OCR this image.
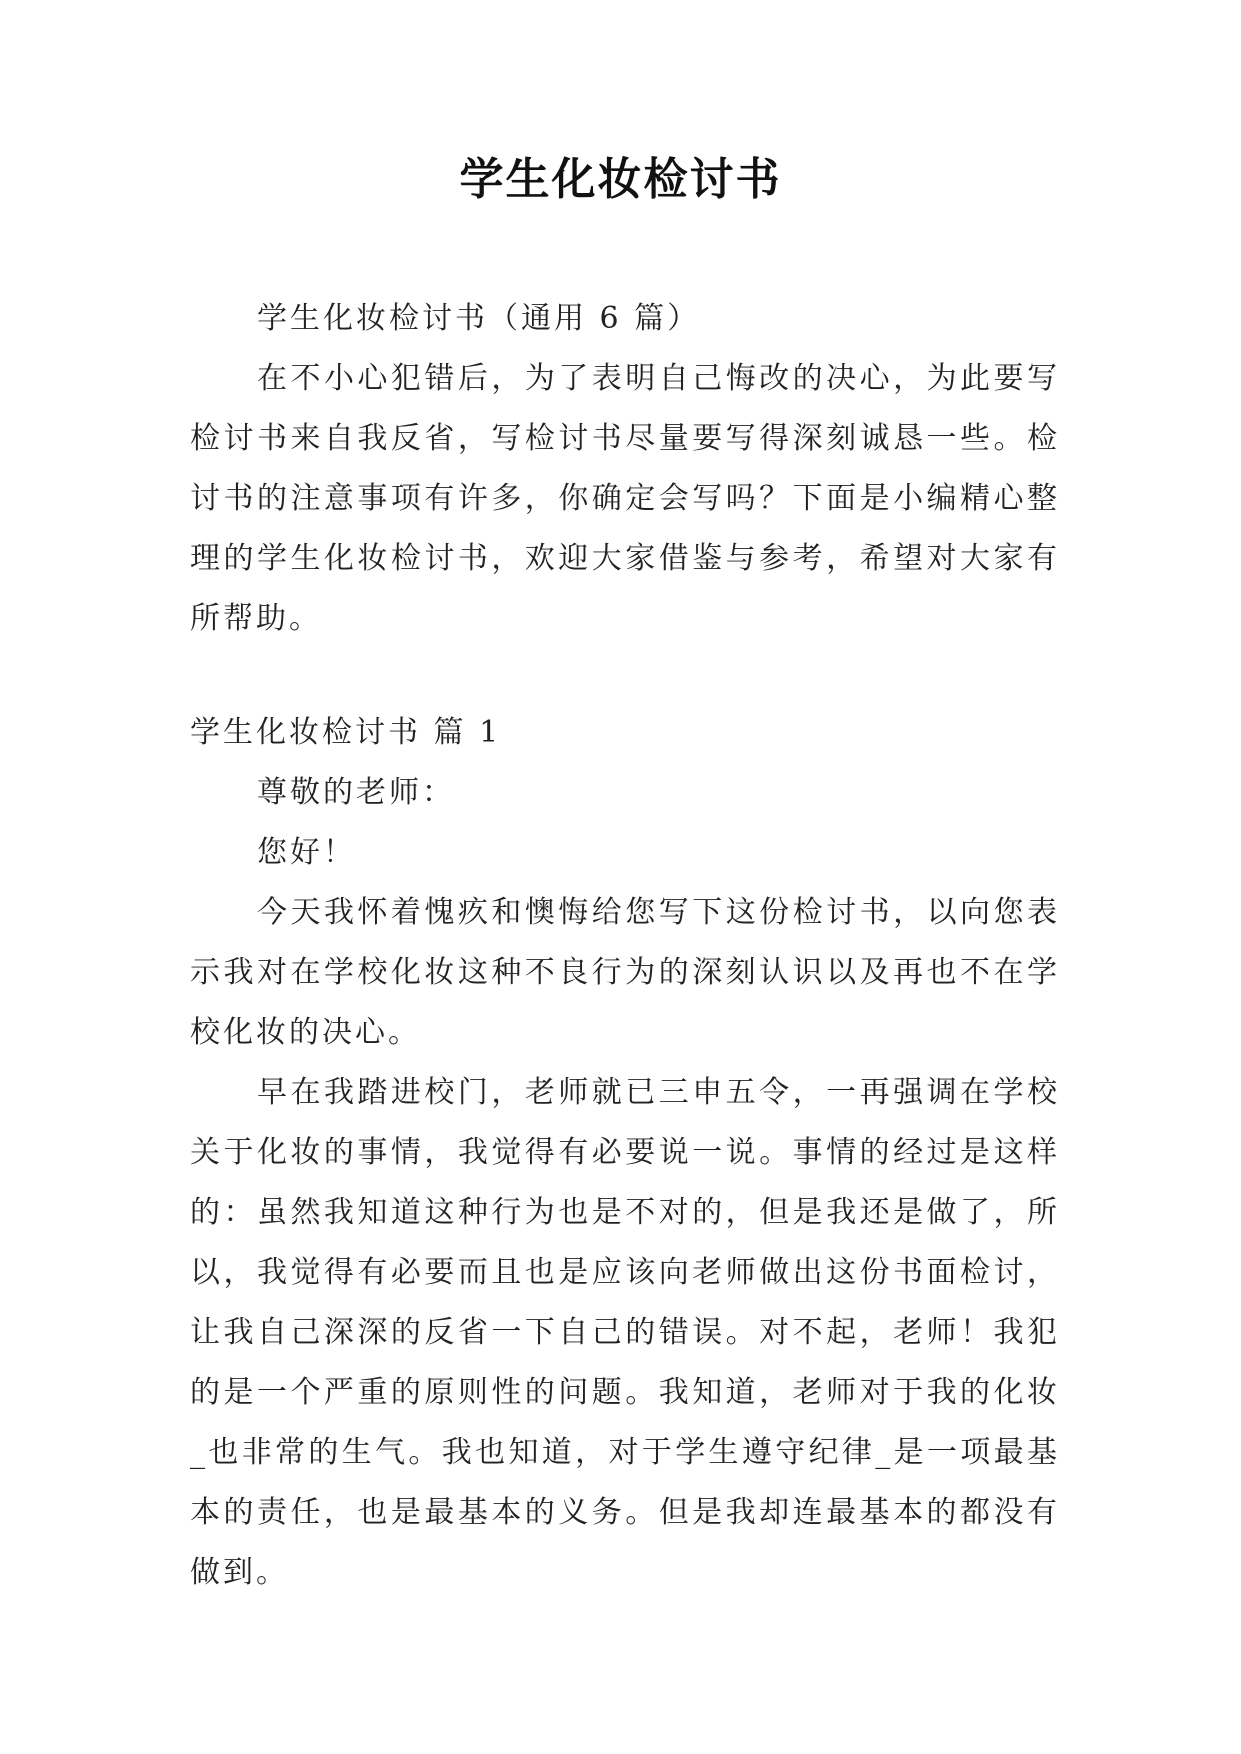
学生化妆检讨书

学生化妆检讨书（通用 6 篇）

在不小心犯错后，为了表明自己悔改的决心，为此要写检讨书来自我反省，写检讨书尽量要写得深刻诚恳一些。检讨书的注意事项有许多，你确定会写吗？下面是小编精心整理的学生化妆检讨书，欢迎大家借鉴与参考，希望对大家有所帮助。

学生化妆检讨书 篇 1

尊敬的老师：

您好！

今天我怀着愧疚和懊悔给您写下这份检讨书，以向您表示我对在学校化妆这种不良行为的深刻认识以及再也不在学校化妆的决心。

早在我踏进校门，老师就已三申五令，一再强调在学校关于化妆的事情，我觉得有必要说一说。事情的经过是这样的：虽然我知道这种行为也是不对的，但是我还是做了，所以，我觉得有必要而且也是应该向老师做出这份书面检讨，让我自己深深的反省一下自己的错误。对不起，老师！我犯的是一个严重的原则性的问题。我知道，老师对于我的化妆_也非常的生气。我也知道，对于学生遵守纪律_是一项最基本的责任，也是最基本的义务。但是我却连最基本的都没有做到。
